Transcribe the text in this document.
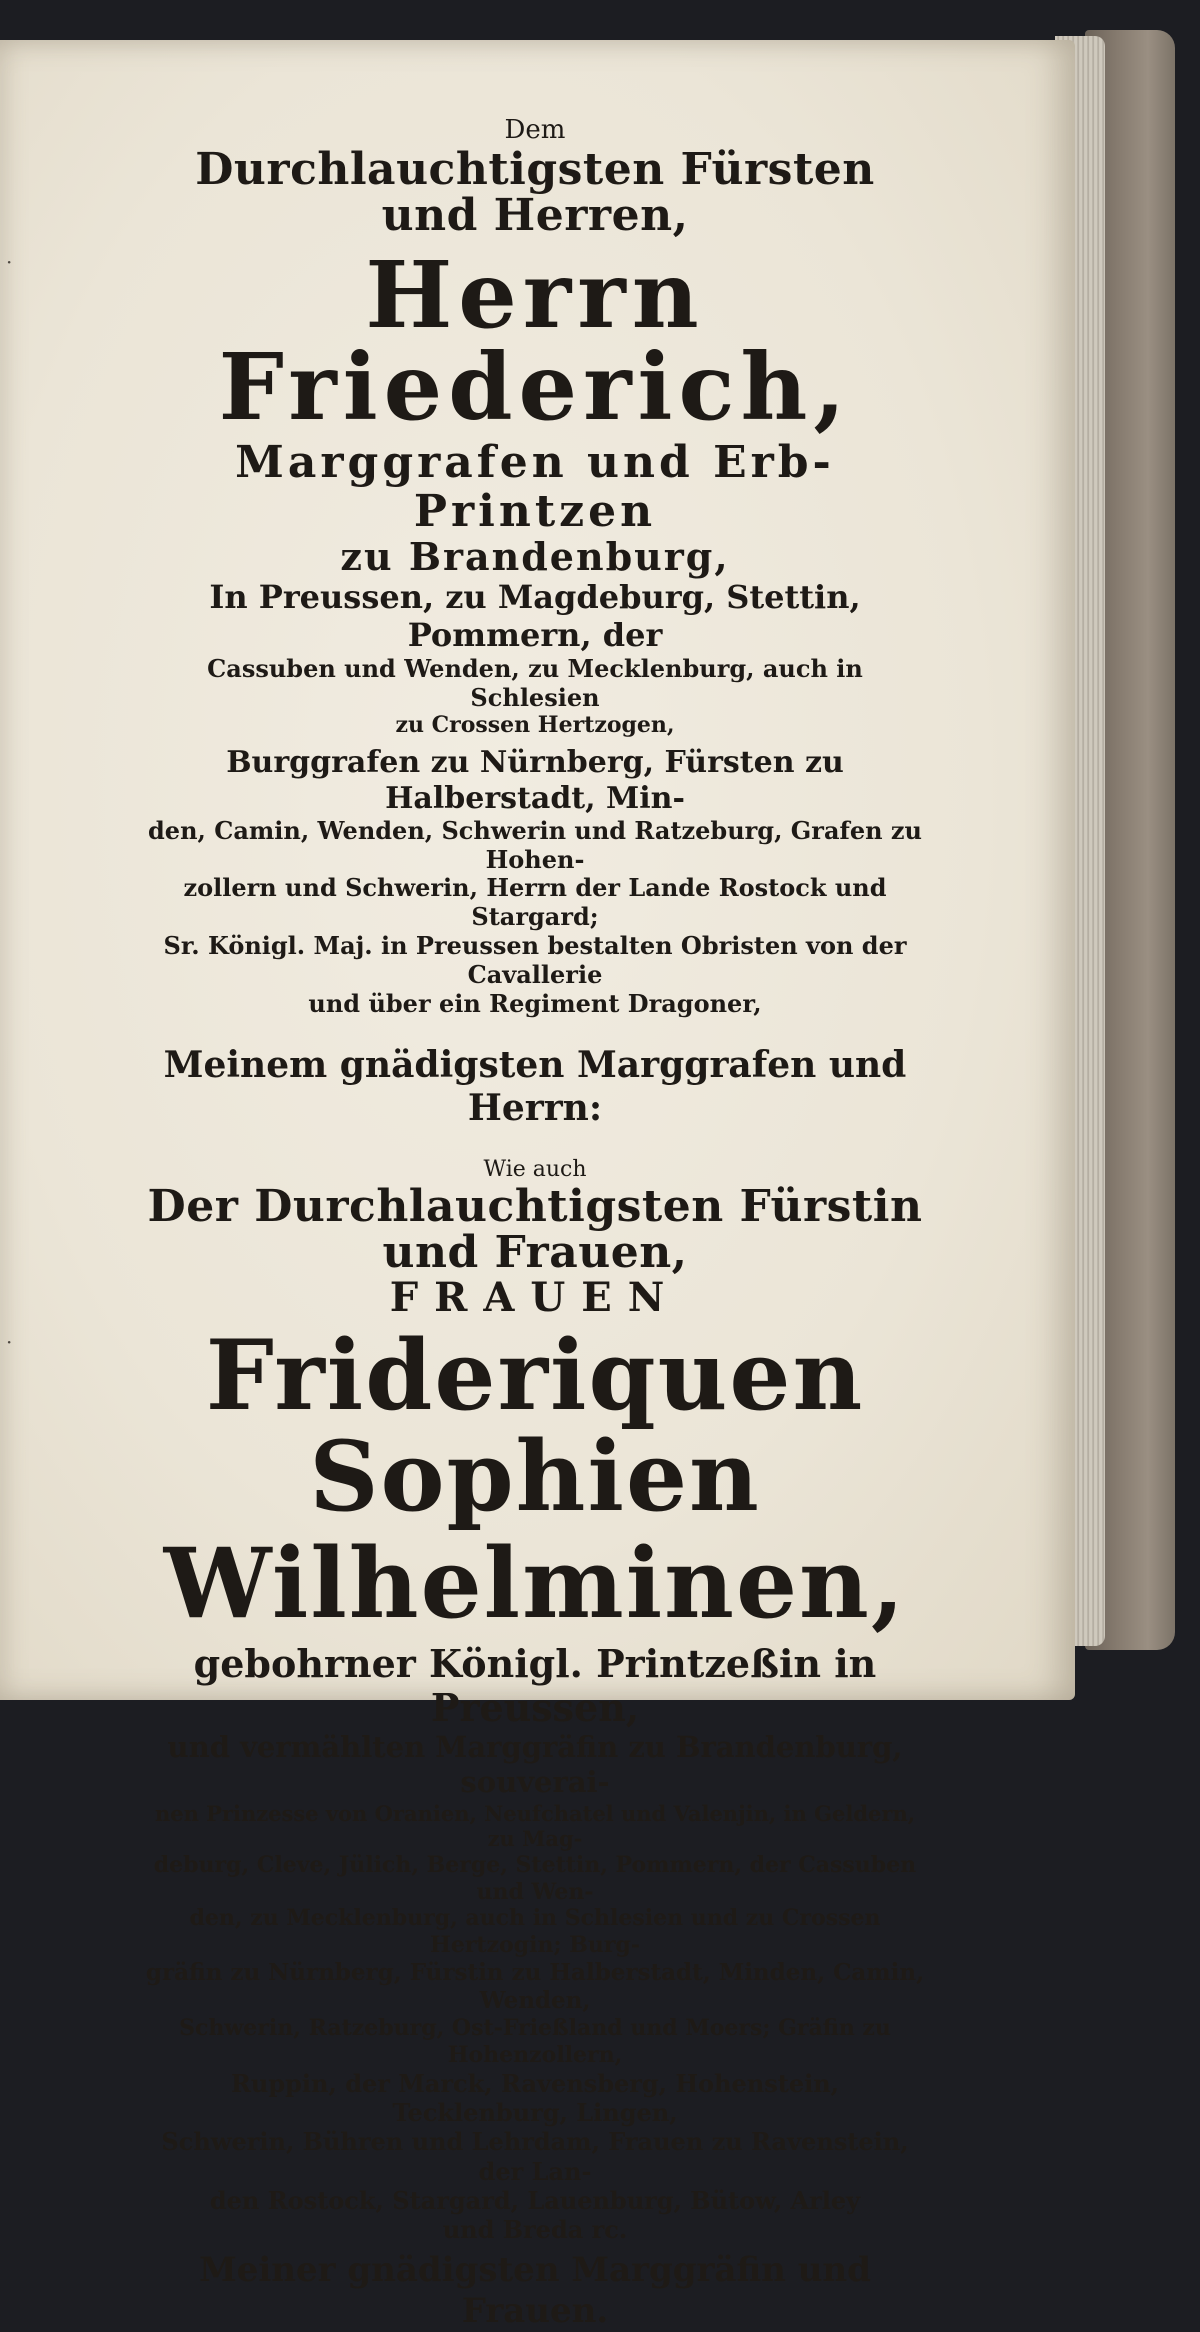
·
·
Dem
Durchlauchtigsten Fürsten und Herren,
Herrn Friederich,
Marggrafen und Erb-Printzen
zu Brandenburg,
In Preussen, zu Magdeburg, Stettin, Pommern, der
Cassuben und Wenden, zu Mecklenburg, auch in Schlesien
zu Crossen Hertzogen,
Burggrafen zu Nürnberg, Fürsten zu Halberstadt, Min-
den, Camin, Wenden, Schwerin und Ratzeburg, Grafen zu Hohen-
zollern und Schwerin, Herrn der Lande Rostock und Stargard;
Sr. Königl. Maj. in Preussen bestalten Obristen von der Cavallerie
und über ein Regiment Dragoner,
Meinem gnädigsten Marggrafen und Herrn:
Wie auch
Der Durchlauchtigsten Fürstin und Frauen,
FRAUEN
Frideriquen Sophien
Wilhelminen,
gebohrner Königl. Printzeßin in Preussen,
und vermählten Marggräfin zu Brandenburg, souverai-
nen Prinzesse von Oranien, Neufchatel und Valenjin, in Geldern, zu Mag-
deburg, Cleve, Jülich, Berge, Stettin, Pommern, der Cassuben und Wen-
den, zu Mecklenburg, auch in Schlesien und zu Crossen Hertzogin; Burg-
gräfin zu Nürnberg, Fürstin zu Halberstadt, Minden, Camin, Wenden,
Schwerin, Ratzeburg, Ost-Frießland und Moers; Gräfin zu Hohenzollern,
Ruppin, der Marck, Ravensberg, Hohenstein, Tecklenburg, Lingen,
Schwerin, Bühren und Lehrdam, Frauen zu Ravenstein, der Lan-
den Rostock, Stargard, Lauenburg, Bütow, Arley
und Breda rc.
Meiner gnädigsten Marggräfin und Frauen.
